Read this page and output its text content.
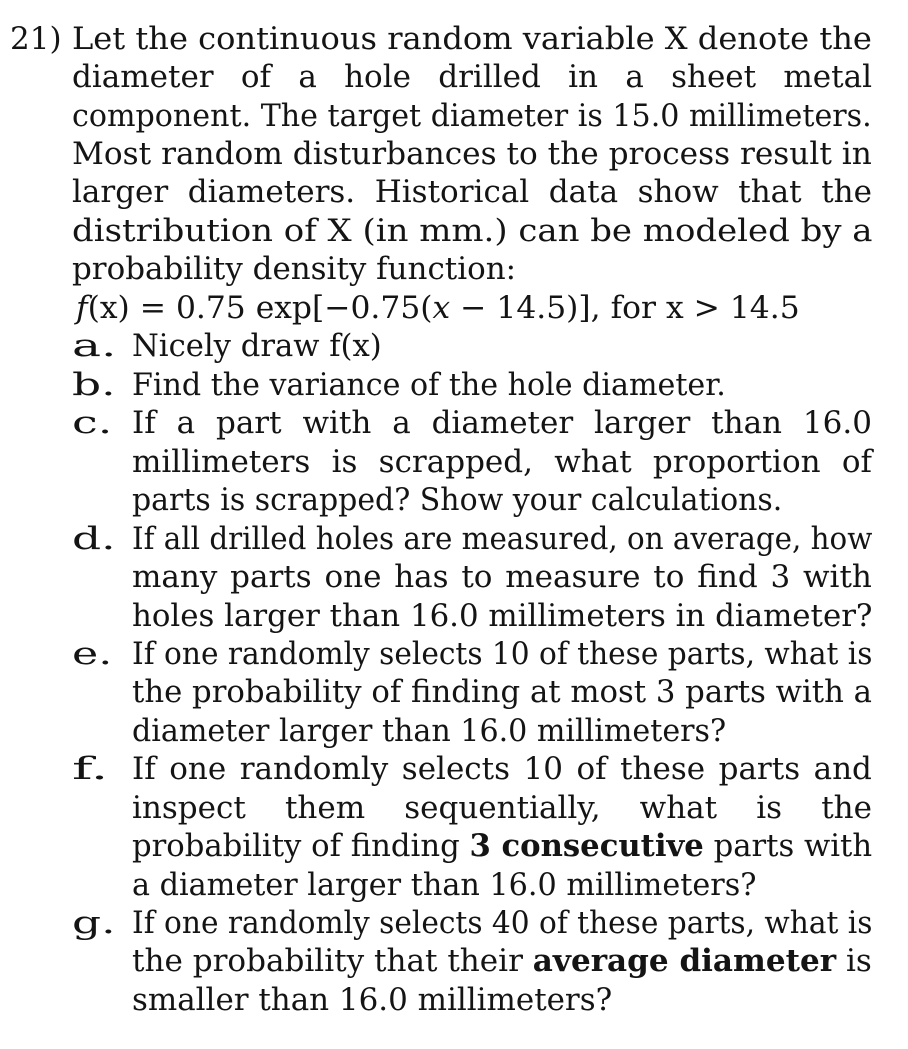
21) Let the continuous random variable X denote the
diameter of a hole drilled in a sheet metal
component. The target diameter is 15.0 millimeters.
Most random disturbances to the process result in
larger diameters. Historical data show that the
distribution of X (in mm.) can be modeled by a
probability density function:
f(x) = 0.75 exp[−0.75(x − 14.5)], for x > 14.5
a. Nicely draw f(x)
b. Find the variance of the hole diameter.
c. If a part with a diameter larger than 16.0
millimeters is scrapped, what proportion of
parts is scrapped? Show your calculations.
d. If all drilled holes are measured, on average, how
many parts one has to measure to find 3 with
holes larger than 16.0 millimeters in diameter?
e. If one randomly selects 10 of these parts, what is
the probability of finding at most 3 parts with a
diameter larger than 16.0 millimeters?
f. If one randomly selects 10 of these parts and
inspect them sequentially, what is the
probability of finding 3 consecutive parts with
a diameter larger than 16.0 millimeters?
g. If one randomly selects 40 of these parts, what is
the probability that their average diameter is
smaller than 16.0 millimeters?
